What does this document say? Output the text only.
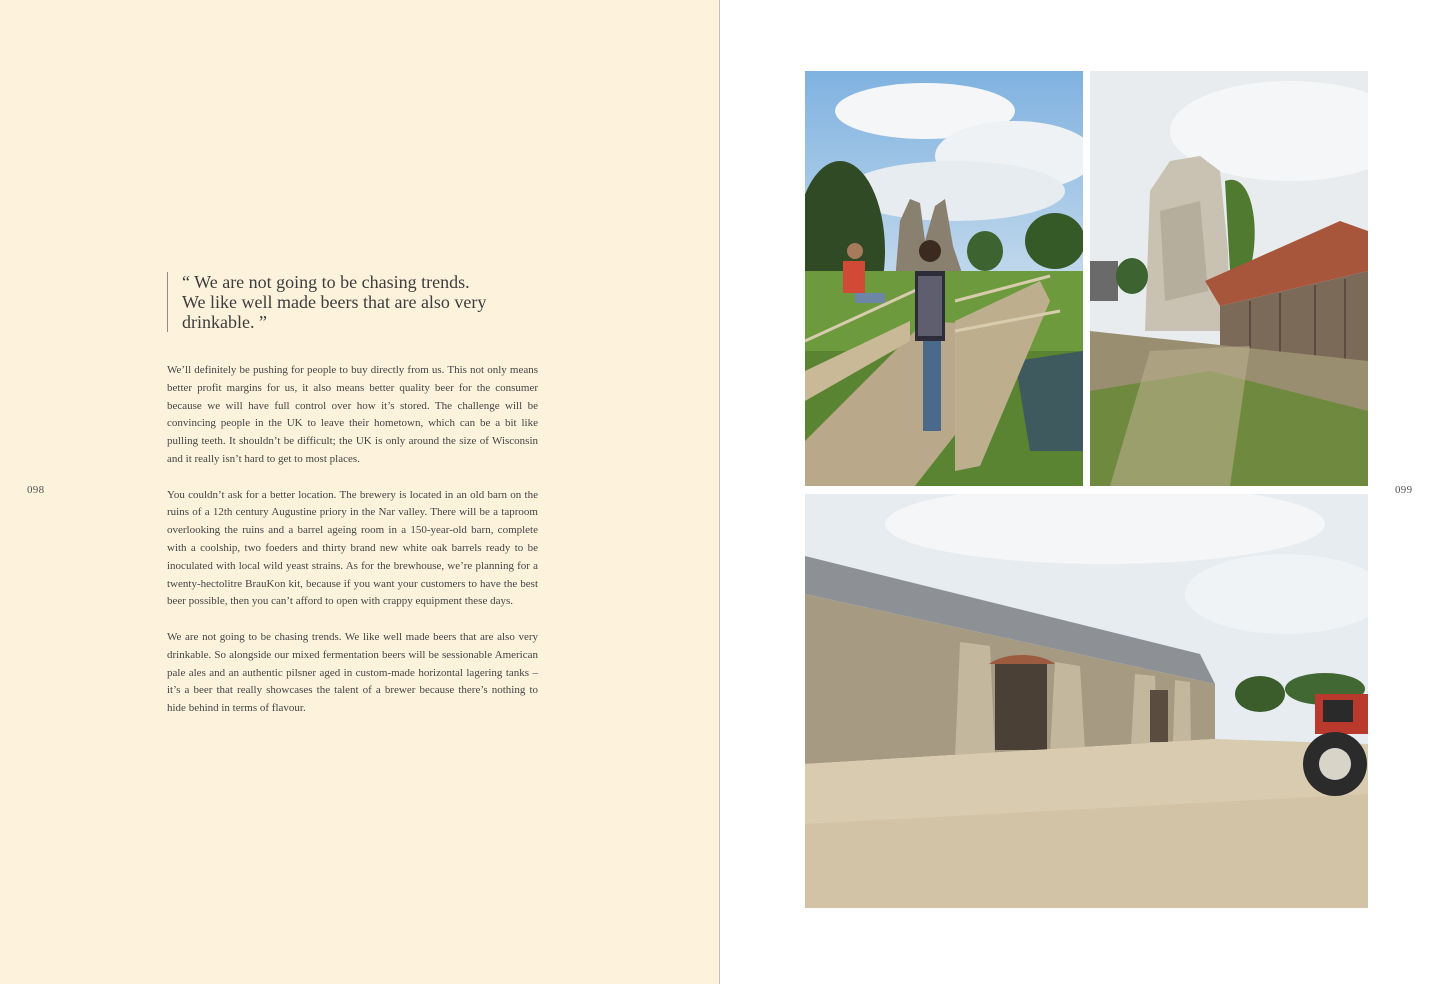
098

“ We are not going to be chasing trends.

We like well made beers that are also very

drinkable. ”

We’ll definitely be pushing for people to buy directly from us. This not only means better profit margins for us, it also means better quality beer for the consumer because we will have full control over how it’s stored. The challenge will be convincing people in the UK to leave their hometown, which can be a bit like pulling teeth. It shouldn’t be difficult; the UK is only around the size of Wisconsin and it really isn’t hard to get to most places.

You couldn’t ask for a better location. The brewery is located in an old barn on the ruins of a 12th century Augustine priory in the Nar valley. There will be a taproom overlooking the ruins and a barrel ageing room in a 150-year-old barn, complete with a coolship, two foeders and thirty brand new white oak barrels ready to be inoculated with local wild yeast strains. As for the brewhouse, we’re planning for a twenty-hectolitre BrauKon kit, because if you want your customers to have the best beer possible, then you can’t afford to open with crappy equipment these days.

We are not going to be chasing trends. We like well made beers that are also very drinkable. So alongside our mixed fermentation beers will be sessionable American pale ales and an authentic pilsner aged in custom-made horizontal lagering tanks – it’s a beer that really showcases the talent of a brewer because there’s nothing to hide behind in terms of flavour.

099
